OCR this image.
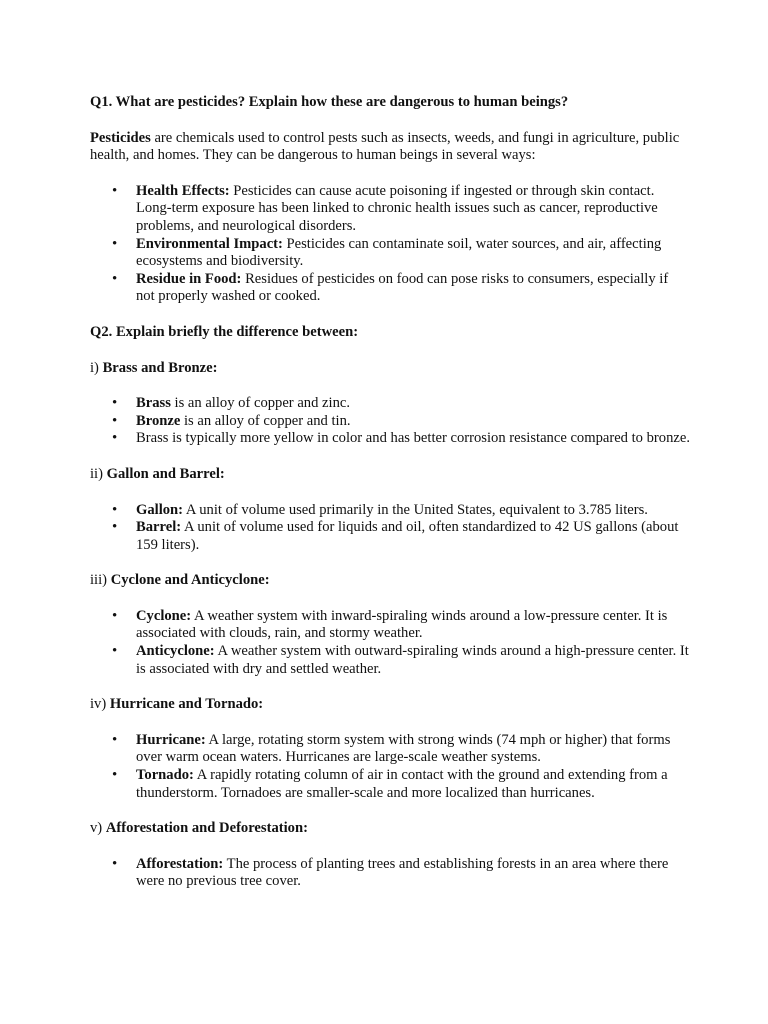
Q1. What are pesticides? Explain how these are dangerous to human beings?

Pesticides are chemicals used to control pests such as insects, weeds, and fungi in agriculture, public health, and homes. They can be dangerous to human beings in several ways:

• Health Effects: Pesticides can cause acute poisoning if ingested or through skin contact. Long-term exposure has been linked to chronic health issues such as cancer, reproductive problems, and neurological disorders.
• Environmental Impact: Pesticides can contaminate soil, water sources, and air, affecting ecosystems and biodiversity.
• Residue in Food: Residues of pesticides on food can pose risks to consumers, especially if not properly washed or cooked.

Q2. Explain briefly the difference between:

i) Brass and Bronze:

• Brass is an alloy of copper and zinc.
• Bronze is an alloy of copper and tin.
• Brass is typically more yellow in color and has better corrosion resistance compared to bronze.

ii) Gallon and Barrel:

• Gallon: A unit of volume used primarily in the United States, equivalent to 3.785 liters.
• Barrel: A unit of volume used for liquids and oil, often standardized to 42 US gallons (about 159 liters).

iii) Cyclone and Anticyclone:

• Cyclone: A weather system with inward-spiraling winds around a low-pressure center. It is associated with clouds, rain, and stormy weather.
• Anticyclone: A weather system with outward-spiraling winds around a high-pressure center. It is associated with dry and settled weather.

iv) Hurricane and Tornado:

• Hurricane: A large, rotating storm system with strong winds (74 mph or higher) that forms over warm ocean waters. Hurricanes are large-scale weather systems.
• Tornado: A rapidly rotating column of air in contact with the ground and extending from a thunderstorm. Tornadoes are smaller-scale and more localized than hurricanes.

v) Afforestation and Deforestation:

• Afforestation: The process of planting trees and establishing forests in an area where there were no previous tree cover.
